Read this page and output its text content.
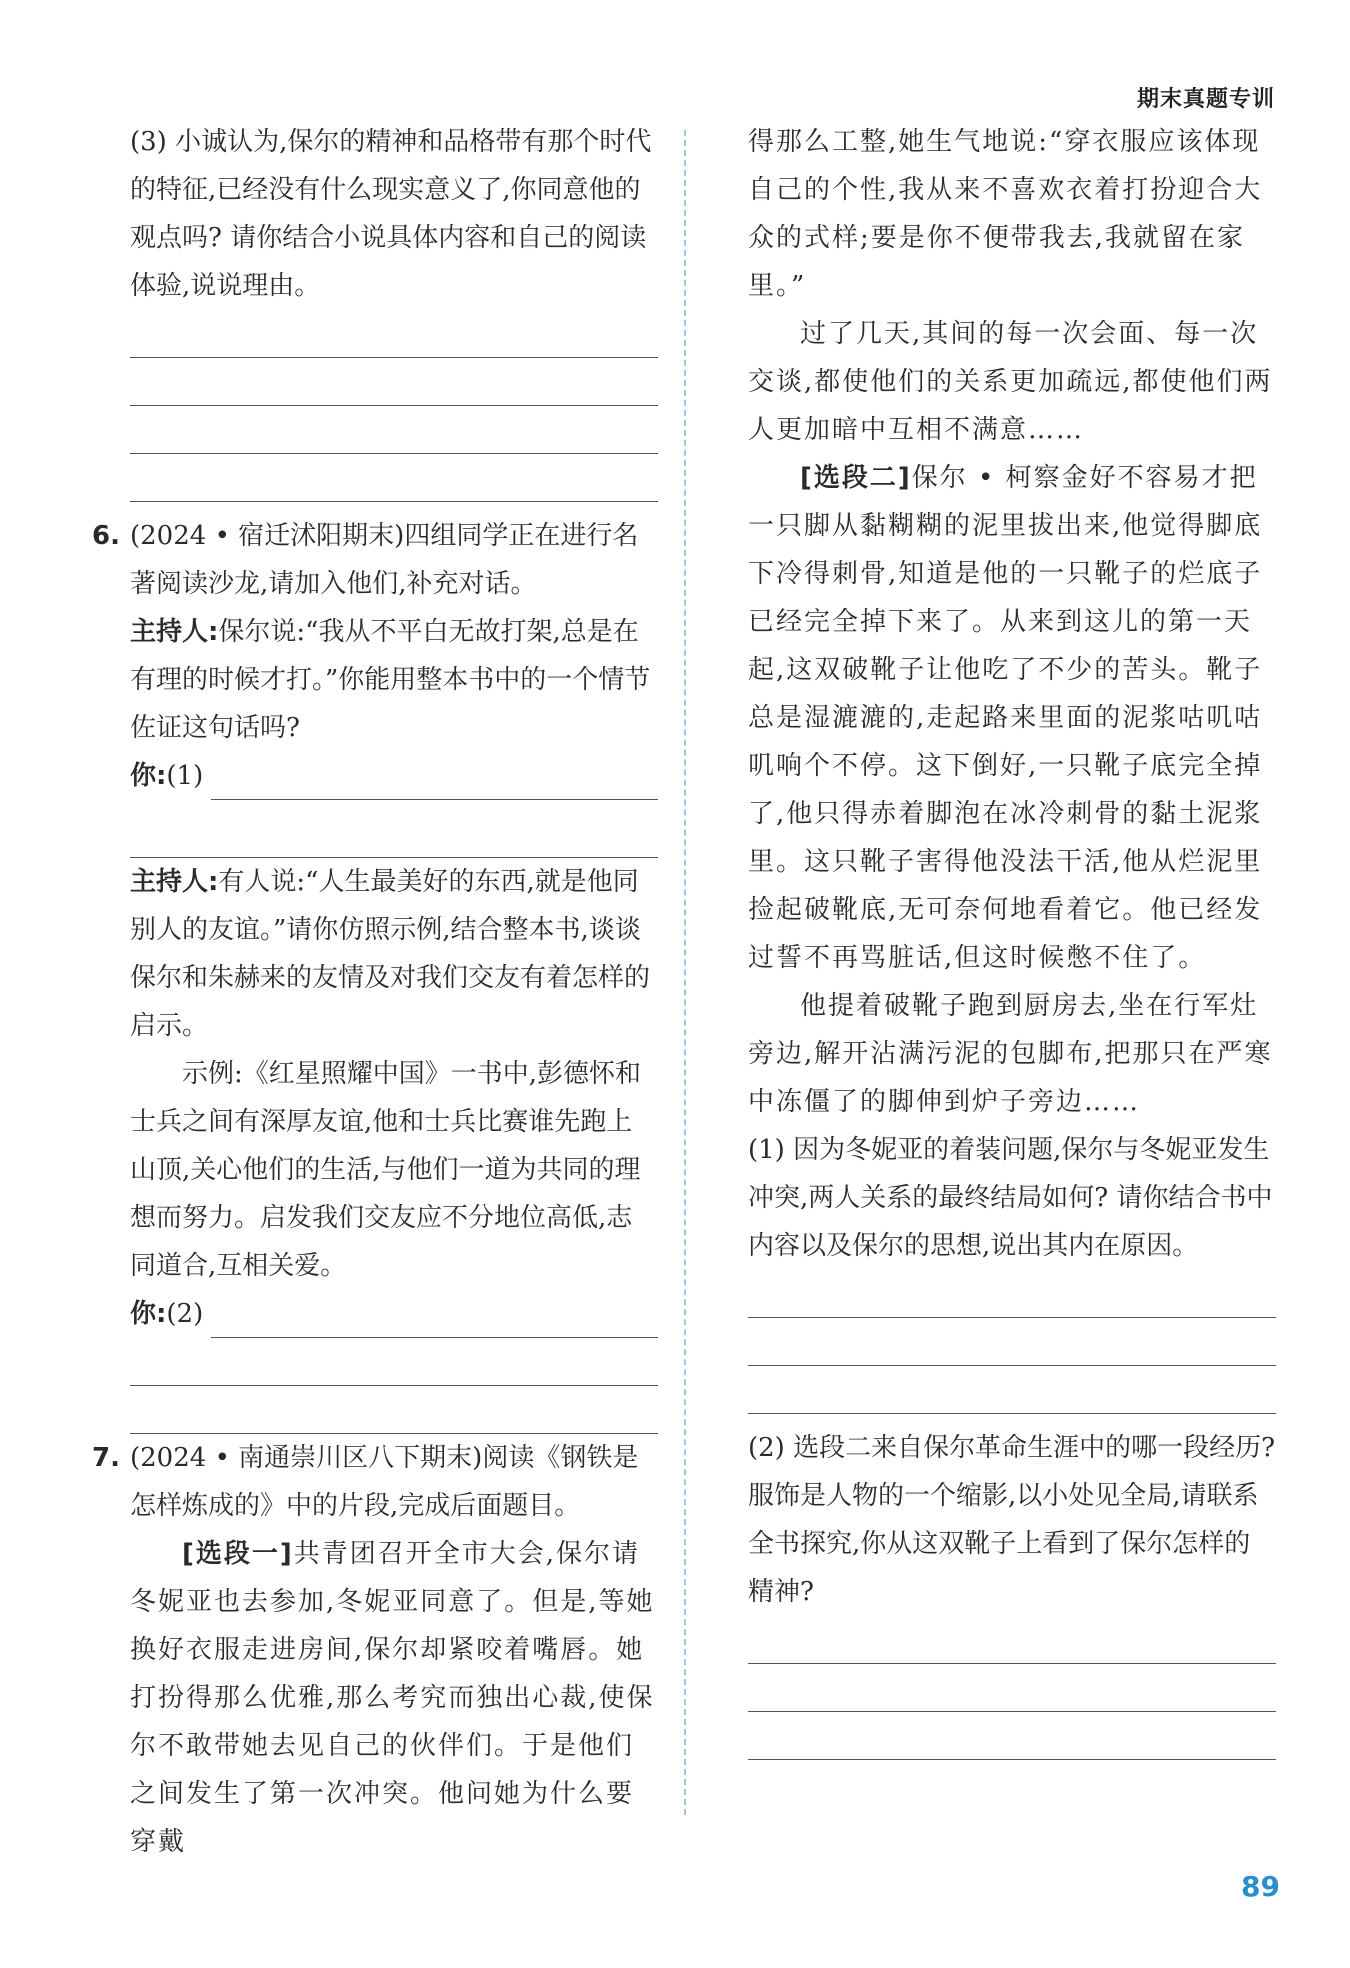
期末真题专训

(3) 小诚认为,保尔的精神和品格带有那个时代的特征,已经没有什么现实意义了,你同意他的观点吗? 请你结合小说具体内容和自己的阅读体验,说说理由。

6. (2024 • 宿迁沭阳期末)四组同学正在进行名著阅读沙龙,请加入他们,补充对话。

主持人:保尔说:“我从不平白无故打架,总是在有理的时候才打。”你能用整本书中的一个情节佐证这句话吗?

你: (1)

主持人:有人说:“人生最美好的东西,就是他同别人的友谊。”请你仿照示例,结合整本书,谈谈保尔和朱赫来的友情及对我们交友有着怎样的启示。

示例:《红星照耀中国》一书中,彭德怀和士兵之间有深厚友谊,他和士兵比赛谁先跑上山顶,关心他们的生活,与他们一道为共同的理想而努力。启发我们交友应不分地位高低,志同道合,互相关爱。

你: (2)

7. (2024 • 南通崇川区八下期末)阅读《钢铁是怎样炼成的》中的片段,完成后面题目。

[选段一]共青团召开全市大会,保尔请冬妮亚也去参加,冬妮亚同意了。但是,等她换好衣服走进房间,保尔却紧咬着嘴唇。她打扮得那么优雅,那么考究而独出心裁,使保尔不敢带她去见自己的伙伴们。于是他们之间发生了第一次冲突。他问她为什么要穿戴

得那么工整,她生气地说:“穿衣服应该体现自己的个性,我从来不喜欢衣着打扮迎合大众的式样;要是你不便带我去,我就留在家里。”

过了几天,其间的每一次会面、每一次交谈,都使他们的关系更加疏远,都使他们两人更加暗中互相不满意……

[选段二]保尔 • 柯察金好不容易才把一只脚从黏糊糊的泥里拔出来,他觉得脚底下冷得刺骨,知道是他的一只靴子的烂底子已经完全掉下来了。从来到这儿的第一天起,这双破靴子让他吃了不少的苦头。靴子总是湿漉漉的,走起路来里面的泥浆咕叽咕叽响个不停。这下倒好,一只靴子底完全掉了,他只得赤着脚泡在冰冷刺骨的黏土泥浆里。这只靴子害得他没法干活,他从烂泥里捡起破靴底,无可奈何地看着它。他已经发过誓不再骂脏话,但这时候憋不住了。

他提着破靴子跑到厨房去,坐在行军灶旁边,解开沾满污泥的包脚布,把那只在严寒中冻僵了的脚伸到炉子旁边……

(1) 因为冬妮亚的着装问题,保尔与冬妮亚发生冲突,两人关系的最终结局如何? 请你结合书中内容以及保尔的思想,说出其内在原因。

(2) 选段二来自保尔革命生涯中的哪一段经历? 服饰是人物的一个缩影,以小处见全局,请联系全书探究,你从这双靴子上看到了保尔怎样的精神?

89
